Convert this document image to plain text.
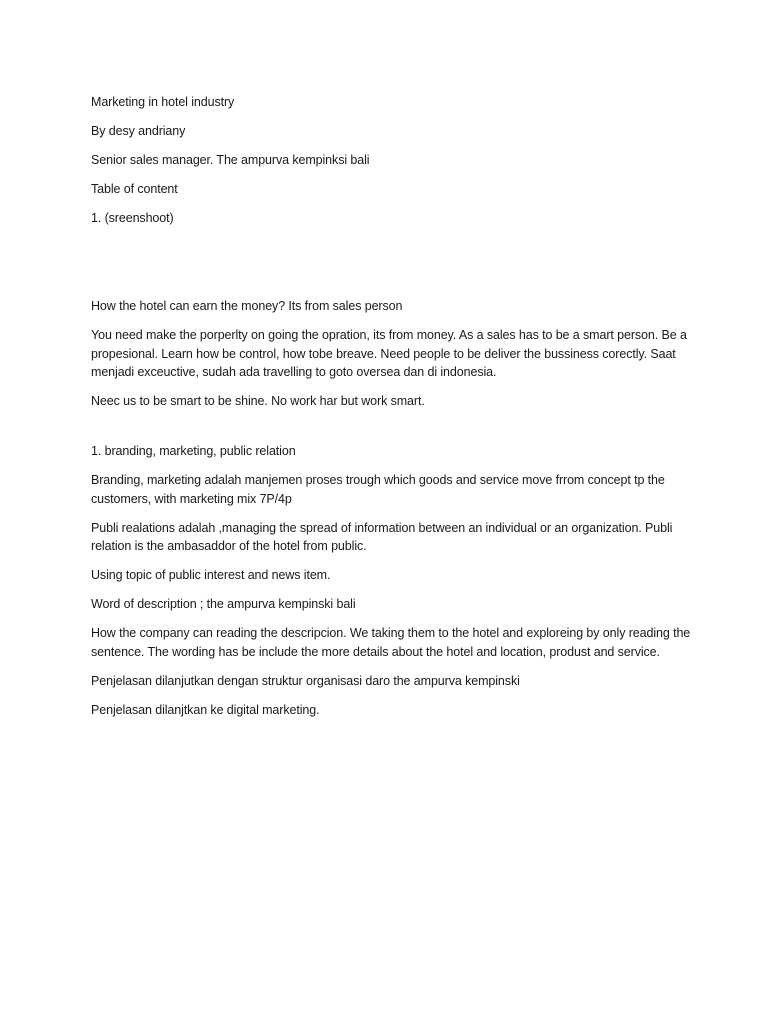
Marketing in hotel industry

By desy andriany

Senior sales manager. The ampurva kempinksi bali

Table of content

1. (sreenshoot)

How the hotel can earn the money? Its from sales person

You need make the porperlty on going the opration, its from money. As a sales has to be a smart person. Be a propesional. Learn how be control, how tobe breave. Need people to be deliver the bussiness corectly. Saat menjadi exceuctive, sudah ada travelling to goto oversea dan di indonesia.

Neec us to be smart to be shine. No work har but work smart.

1. branding, marketing, public relation

Branding, marketing adalah manjemen proses trough which goods and service move frrom concept tp the customers, with marketing mix 7P/4p

Publi realations adalah ,managing the spread of information between an individual or an organization. Publi relation is the ambasaddor of the hotel from public.

Using topic of public interest and news item.

Word of description ; the ampurva kempinski bali

How the company can reading the descripcion. We taking them to the hotel and exploreing by only reading the sentence. The wording has be include the more details about the hotel and location, produst and service.

Penjelasan dilanjutkan dengan struktur organisasi daro the ampurva kempinski

Penjelasan dilanjtkan ke digital marketing.
